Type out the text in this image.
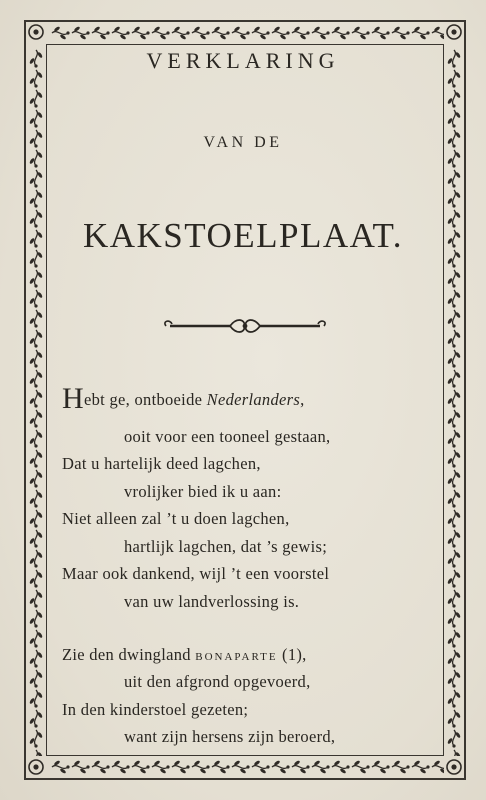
VERKLARING
VAN DE
KAKSTOELPLAAT.
Hebt ge, ontboeide Nederlanders,
ooit voor een tooneel gestaan,
Dat u hartelijk deed lagchen,
vrolijker bied ik u aan:
Niet alleen zal ’t u doen lagchen,
hartlijk lagchen, dat ’s gewis;
Maar ook dankend, wijl ’t een voorstel
van uw landverlossing is.
Zie den dwingland BONAPARTE (1),
uit den afgrond opgevoerd,
In den kinderstoel gezeten;
want zijn hersens zijn beroerd,
